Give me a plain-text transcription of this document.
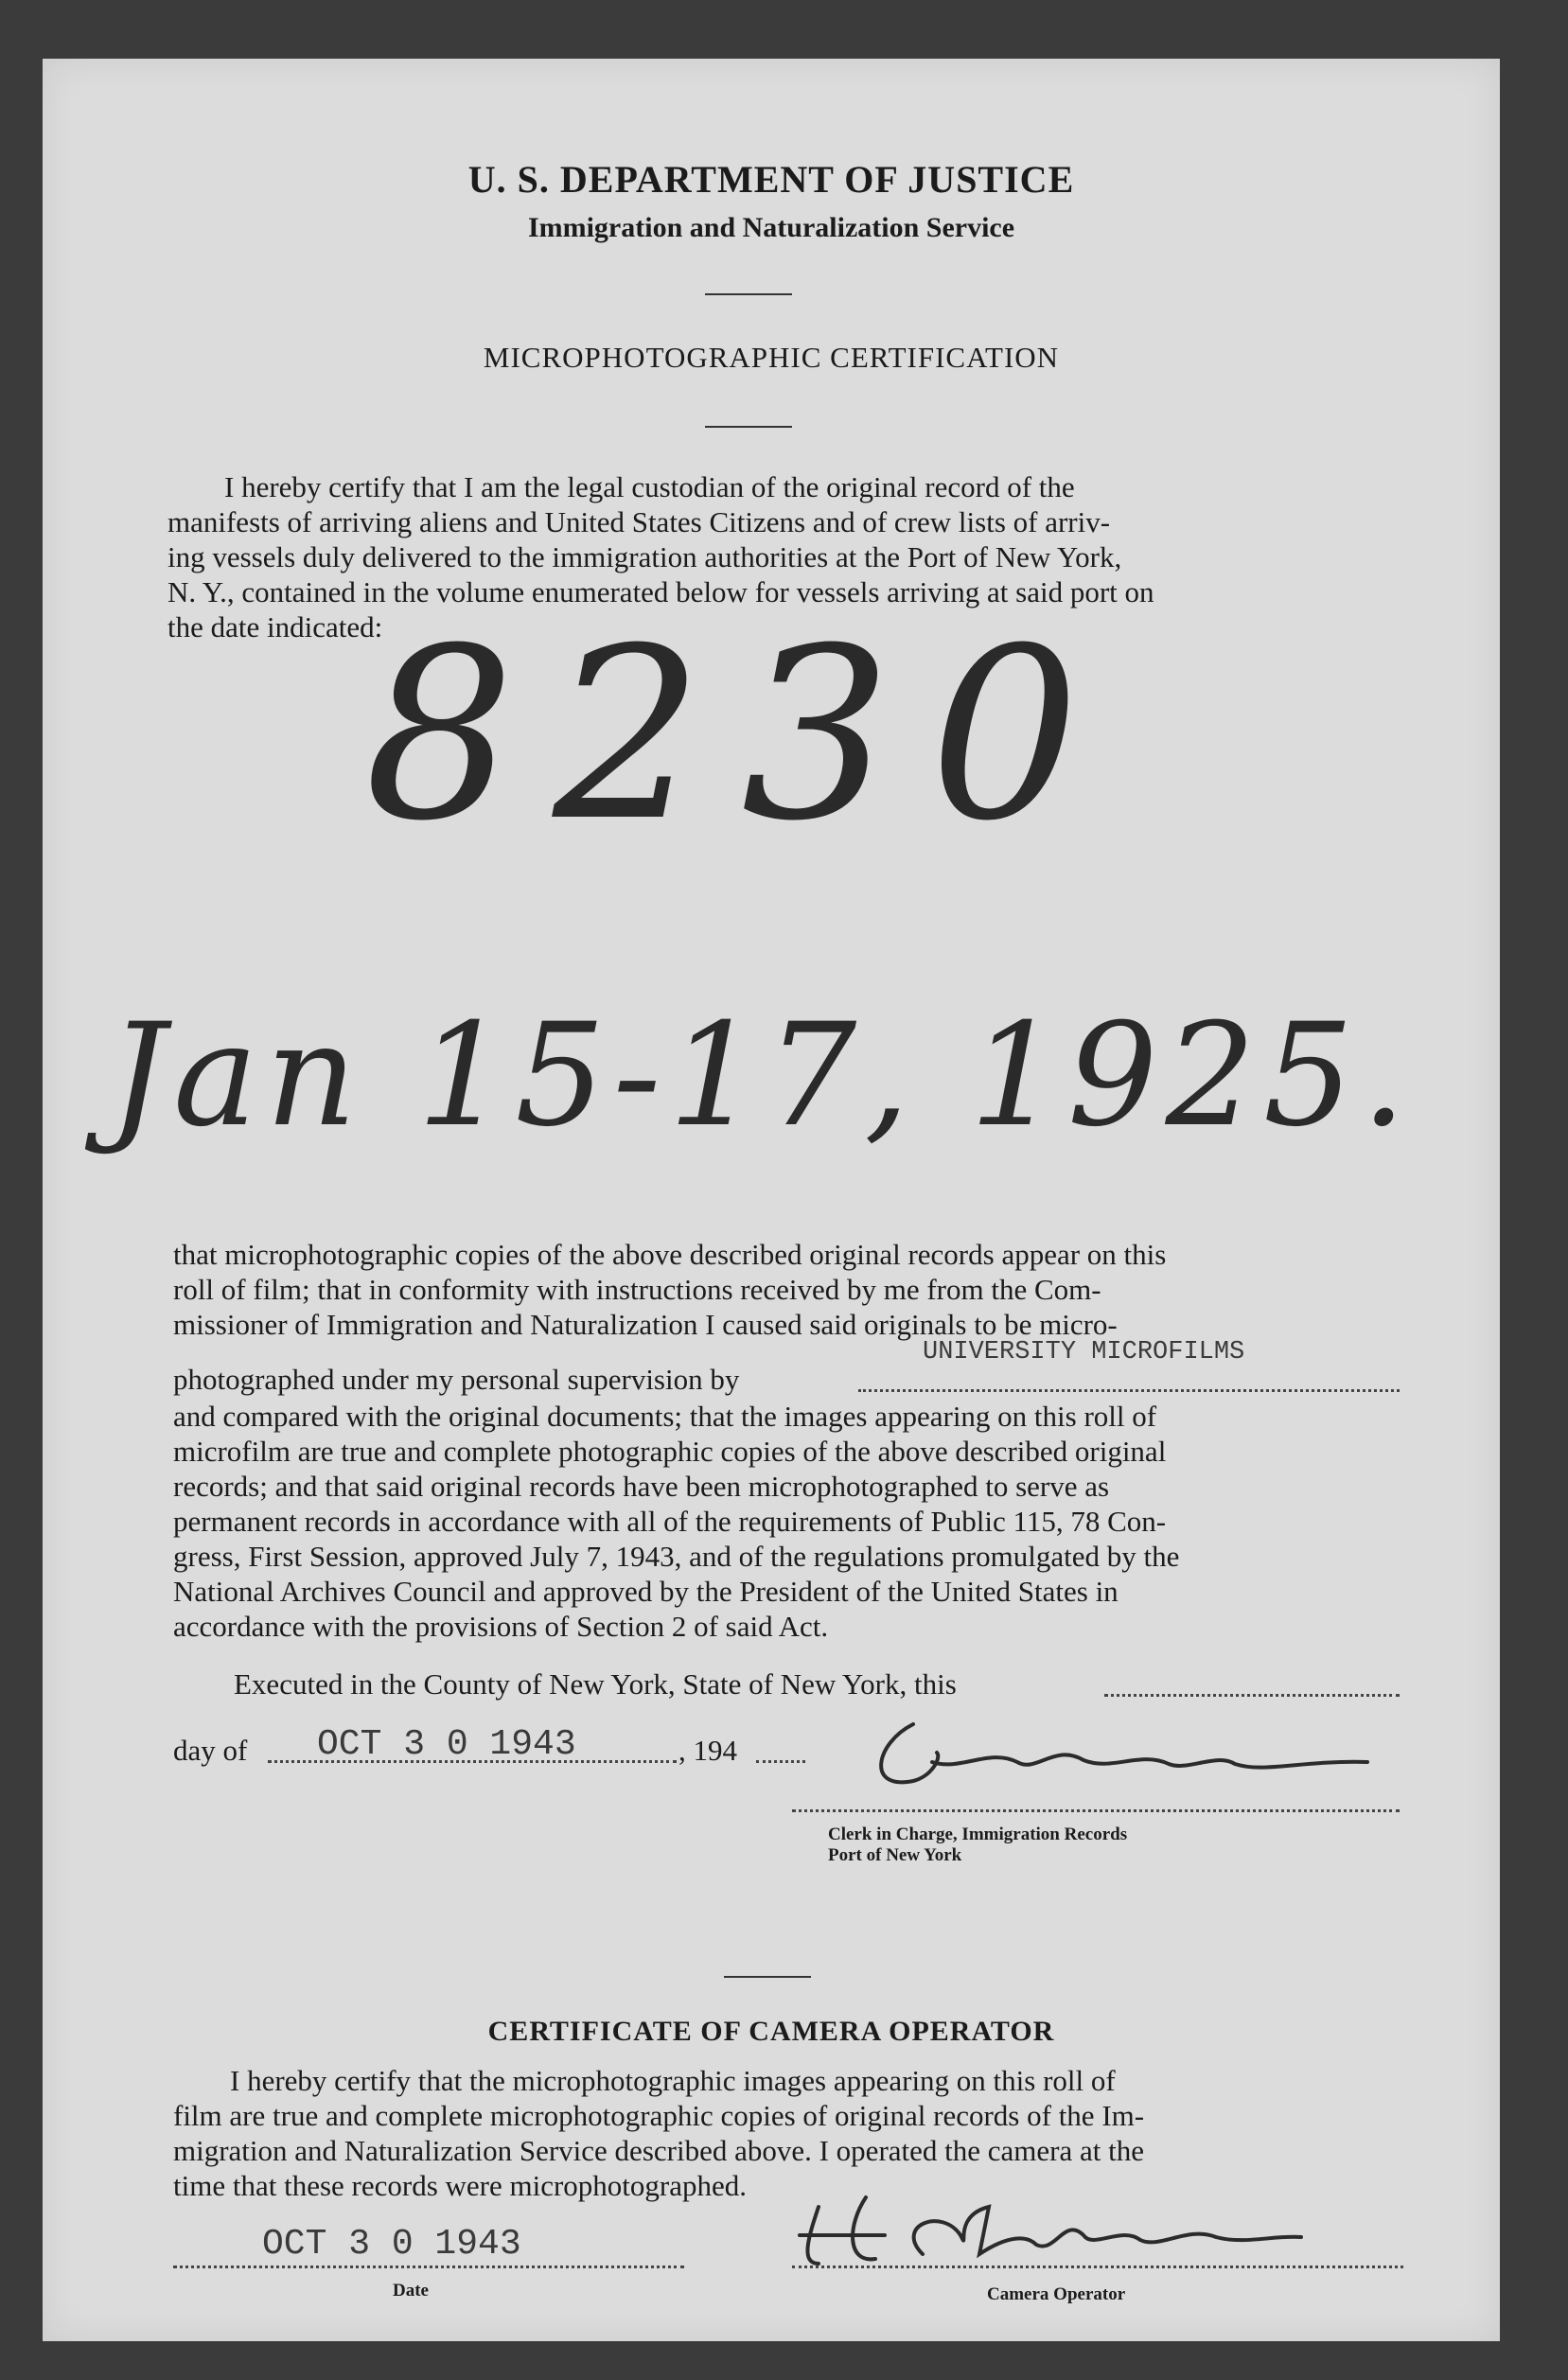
U. S. DEPARTMENT OF JUSTICE
Immigration and Naturalization Service
MICROPHOTOGRAPHIC CERTIFICATION

I hereby certify that I am the legal custodian of the original record of the

manifests of arriving aliens and United States Citizens and of crew lists of arriv-

ing vessels duly delivered to the immigration authorities at the Port of New York,

N. Y., contained in the volume enumerated below for vessels arriving at said port on

the date indicated:

8230
Jan 15-17, 1925.

that microphotographic copies of the above described original records appear on this

roll of film; that in conformity with instructions received by me from the Com-

missioner of Immigration and Naturalization I caused said originals to be micro-

photographed under my personal supervision by
UNIVERSITY MICROFILMS

and compared with the original documents; that the images appearing on this roll of

microfilm are true and complete photographic copies of the above described original

records; and that said original records have been microphotographed to serve as

permanent records in accordance with all of the requirements of Public 115, 78 Con-

gress, First Session, approved July 7, 1943, and of the regulations promulgated by the

National Archives Council and approved by the President of the United States in

accordance with the provisions of Section 2 of said Act.

Executed in the County of New York, State of New York, this
day of OCT 3 0 1943	, 194
Clerk in Charge, Immigration Records
Port of New York
CERTIFICATE OF CAMERA OPERATOR

I hereby certify that the microphotographic images appearing on this roll of

film are true and complete microphotographic copies of original records of the Im-

migration and Naturalization Service described above. I operated the camera at the

time that these records were microphotographed.

OCT 3 0 1943
Date	Camera Operator
